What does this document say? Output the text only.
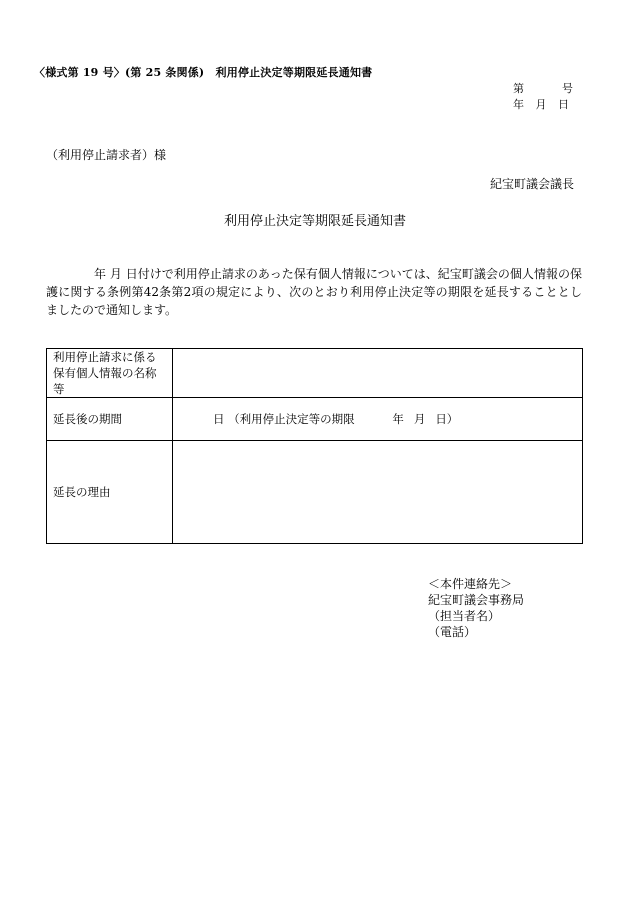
〈様式第 19 号〉(第 25 条関係)　利用停止決定等期限延長通知書
第	号
年 月 日
（利用停止請求者）様
紀宝町議会議長
利用停止決定等期限延長通知書
年 月 日付けで利用停止請求のあった保有個人情報については、紀宝町議会の個人情報の保護に関する条例第42条第2項の規定により、次のとおり利用停止決定等の期限を延長することとしましたので通知します。
利用停止請求に係る保有個人情報の名称等	
延長後の期間	日 （利用停止決定等の期限 年 月 日）
延長の理由	
＜本件連絡先＞
紀宝町議会事務局
（担当者名）
（電話）
